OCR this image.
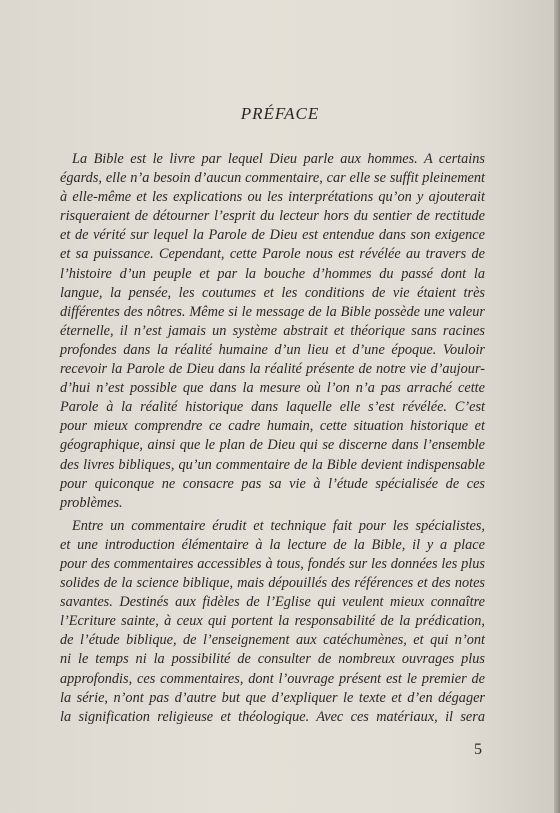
PRÉFACE
La Bible est le livre par lequel Dieu parle aux hommes. A certains
égards, elle n’a besoin d’aucun commentaire, car elle se suffit pleinement
à elle-même et les explications ou les interprétations qu’on y ajouterait
risqueraient de détourner l’esprit du lecteur hors du sentier de rectitude
et de vérité sur lequel la Parole de Dieu est entendue dans son exigence
et sa puissance. Cependant, cette Parole nous est révélée au travers de
l’histoire d’un peuple et par la bouche d’hommes du passé dont la
langue, la pensée, les coutumes et les conditions de vie étaient très
différentes des nôtres. Même si le message de la Bible possède une valeur
éternelle, il n’est jamais un système abstrait et théorique sans racines
profondes dans la réalité humaine d’un lieu et d’une époque. Vouloir
recevoir la Parole de Dieu dans la réalité présente de notre vie d’aujour-
d’hui n’est possible que dans la mesure où l’on n’a pas arraché cette
Parole à la réalité historique dans laquelle elle s’est révélée. C’est
pour mieux comprendre ce cadre humain, cette situation historique et
géographique, ainsi que le plan de Dieu qui se discerne dans l’ensemble
des livres bibliques, qu’un commentaire de la Bible devient indispensable
pour quiconque ne consacre pas sa vie à l’étude spécialisée de ces
problèmes.
Entre un commentaire érudit et technique fait pour les spécialistes,
et une introduction élémentaire à la lecture de la Bible, il y a place
pour des commentaires accessibles à tous, fondés sur les données les plus
solides de la science biblique, mais dépouillés des références et des notes
savantes. Destinés aux fidèles de l’Eglise qui veulent mieux connaître
l’Ecriture sainte, à ceux qui portent la responsabilité de la prédication,
de l’étude biblique, de l’enseignement aux catéchumènes, et qui n’ont
ni le temps ni la possibilité de consulter de nombreux ouvrages plus
approfondis, ces commentaires, dont l’ouvrage présent est le premier de
la série, n’ont pas d’autre but que d’expliquer le texte et d’en dégager
la signification religieuse et théologique. Avec ces matériaux, il sera
5
